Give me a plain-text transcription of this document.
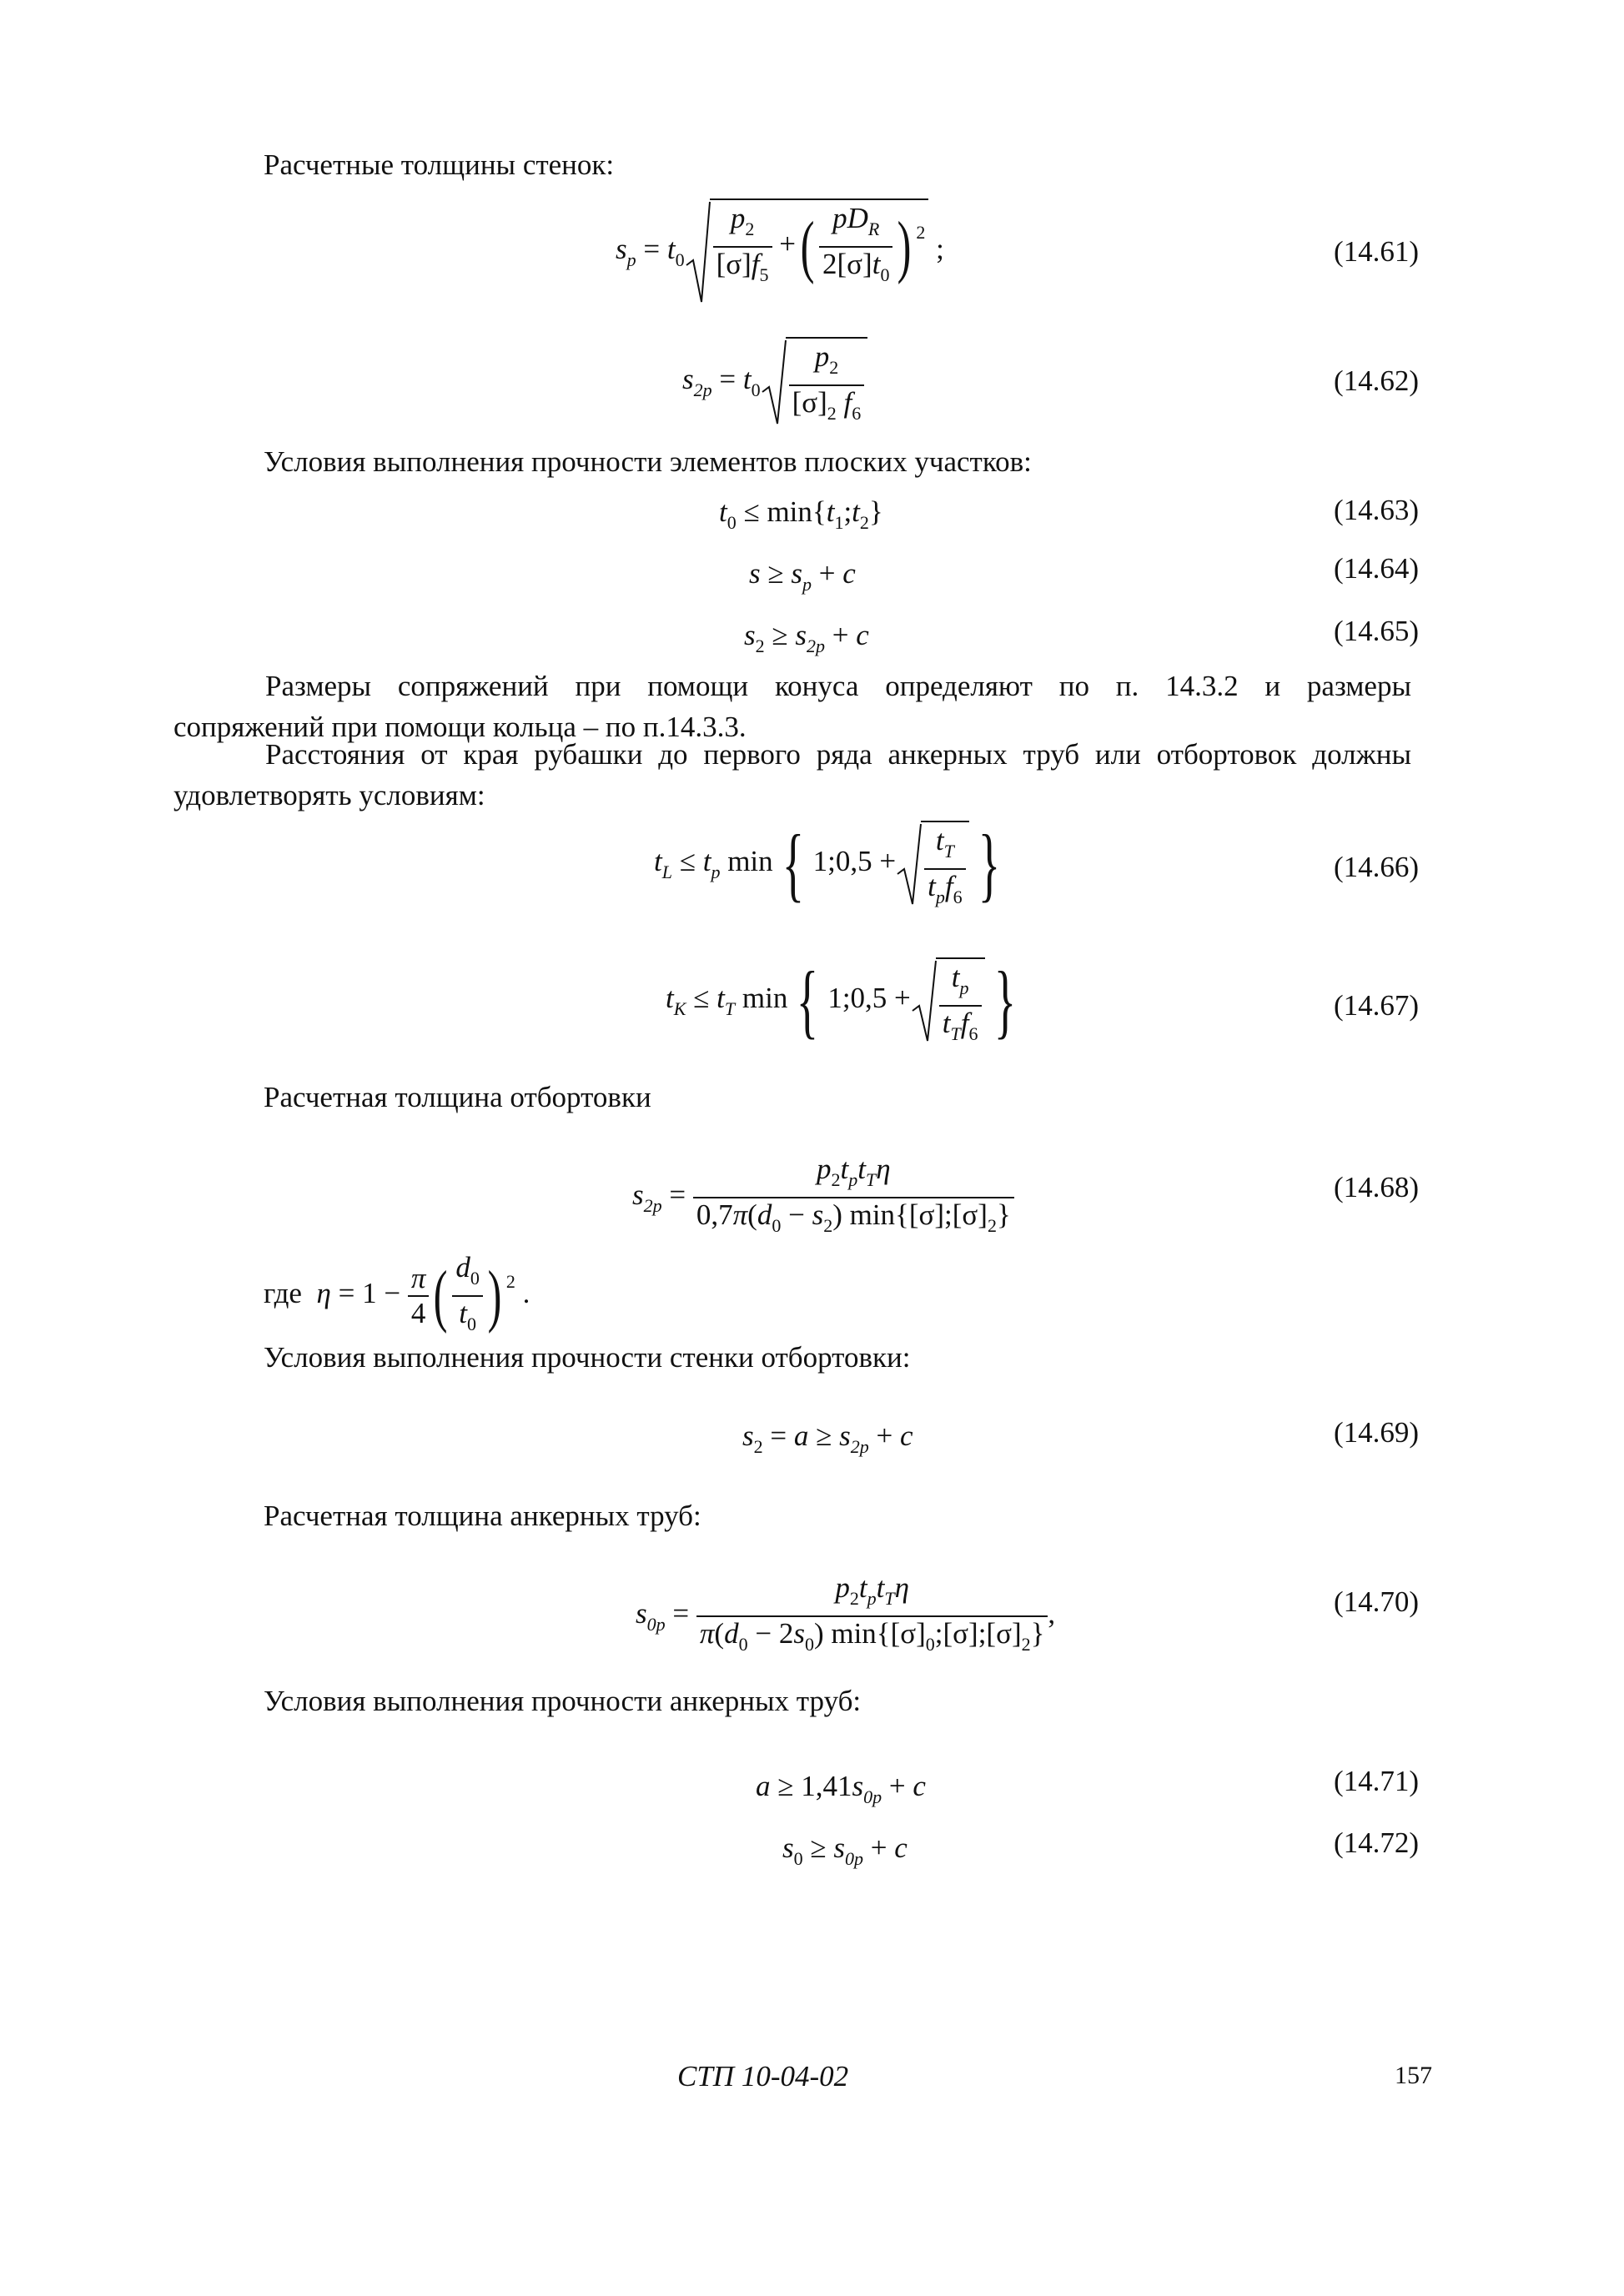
Расчетные толщины стенок:
$s_p = t_0 \frac{p_2}{[\sigma]f_5}$ +( $\frac{pD_R}{2[\sigma]t_0}$ ) $^2$ ;	(14.61)
$s_{2p} = t_0 \frac{p_2}{[\sigma]_2 f_6}$	(14.62)
Условия выполнения прочности элементов плоских участков:
$t_0$ ≤ $\min\{t_1;t_2\}$	(14.63)
$s \ge s_p + c$	(14.64)
$s_2 \ge s_{2p} + c$	(14.65)
Размеры сопряжений при помощи конуса определяют по п. 14.3.2 и размеры
сопряжений при помощи кольца – по п.14.3.3.
Расстояния от края рубашки до первого ряда анкерных труб или отбортовок должны
удовлетворять условиям:
$t_L \le t_p$ min { 1;0,5 + $\frac{t_T}{t_pf_6}$ }	(14.66)
$t_K \le t_T$ min { 1;0,5 + $\frac{t_p}{t_Tf_6}$ }	(14.67)
Расчетная толщина отбортовки
$s_{2p} = \frac{p_2t_pt_T\eta}{0,7\pi(d_0 - s_2) \min\{[\sigma];[\sigma]_2\}}$	(14.68)
где $\eta = 1 - \frac{\pi}{4}$ ( $\frac{d_0}{t_0}$ ) $^2$ .
Условия выполнения прочности стенки отбортовки:
$s_2 = a \ge s_{2p} + c$	(14.69)
Расчетная толщина анкерных труб:
$s_{0p} = \frac{p_2t_pt_T\eta}{\pi(d_0 - 2s_0) \min\{[\sigma]_0;[\sigma];[\sigma]_2\}}$ ,	(14.70)
Условия выполнения прочности анкерных труб:
$a \ge 1,41s_{0p} + c$	(14.71)
$s_0 \ge s_{0p} + c$	(14.72)
СТП 10-04-02	157
